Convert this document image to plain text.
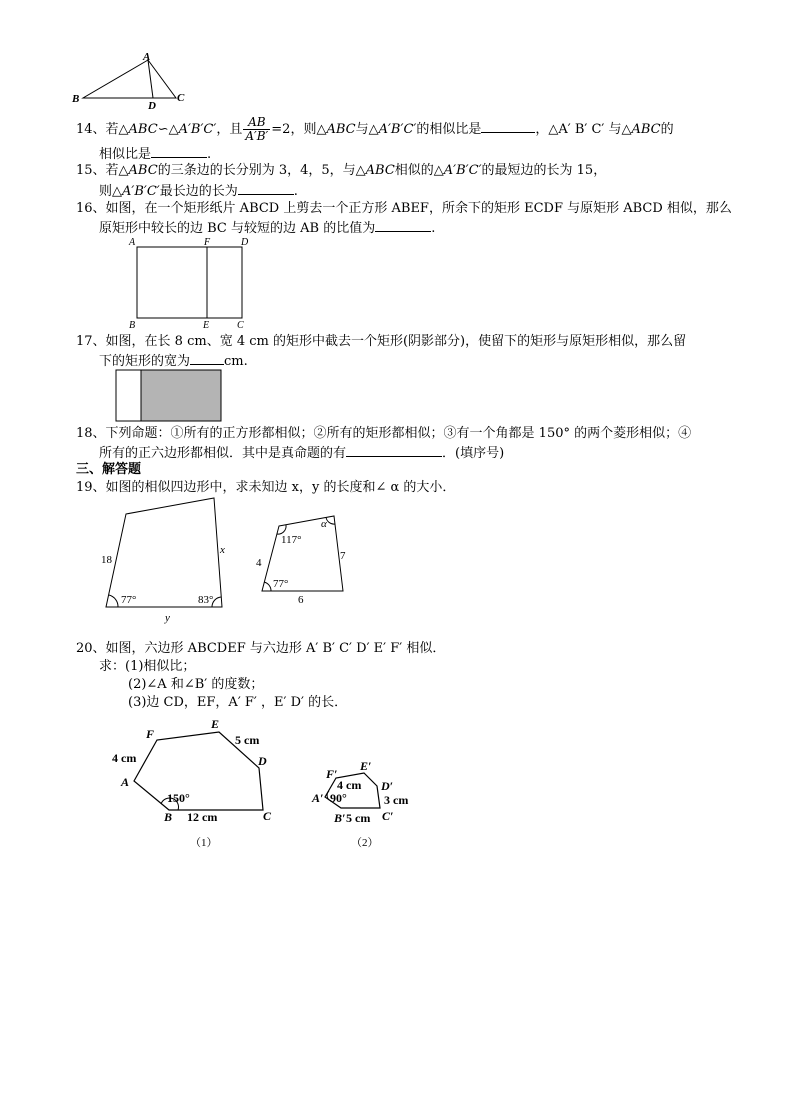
A
B	C
D
14、若△ABC∽△A′B′C′，且 $\frac{AB}{A'B'} =2$，则△ABC与△A′B′C′的相似比是	，△A′ B′ C′ 与△ABC的
相似比是	.
15、若△ABC的三条边的长分别为 3，4，5，与△ABC相似的△A′B′C′的最短边的长为 15，
则△A′B′C′最长边的长为	.
16、如图，在一个矩形纸片 ABCD 上剪去一个正方形 ABEF，所余下的矩形 ECDF 与原矩形 ABCD 相似，那么
原矩形中较长的边 BC 与较短的边 AB 的比值为	.
A	F	D
B	E	C
17、如图，在长 8 cm、宽 4 cm 的矩形中截去一个矩形(阴影部分)，使留下的矩形与原矩形相似，那么留
下的矩形的宽为	cm.
18、下列命题：①所有的正方形都相似；②所有的矩形都相似；③有一个角都是 150° 的两个菱形相似；④
所有的正六边形都相似．其中是真命题的有	．(填序号)
三、解答题
19、如图的相似四边形中，求未知边 x，y 的长度和∠ α 的大小．
18
x
y
77°	83°
117°
α
77°
4
7
6
20、如图，六边形 ABCDEF 与六边形 A′ B′ C′ D′ E′ F′ 相似．
求：(1)相似比；
(2)∠A 和∠B′ 的度数；
(3)边 CD，EF，A′ F′ ，E′ D′ 的长．
F
E
D
C
B
A
4 cm
5 cm
12 cm
150°
（1）
F′
E′
D′
C′
B′
A′
4 cm
3 cm
5 cm
90°
（2）
